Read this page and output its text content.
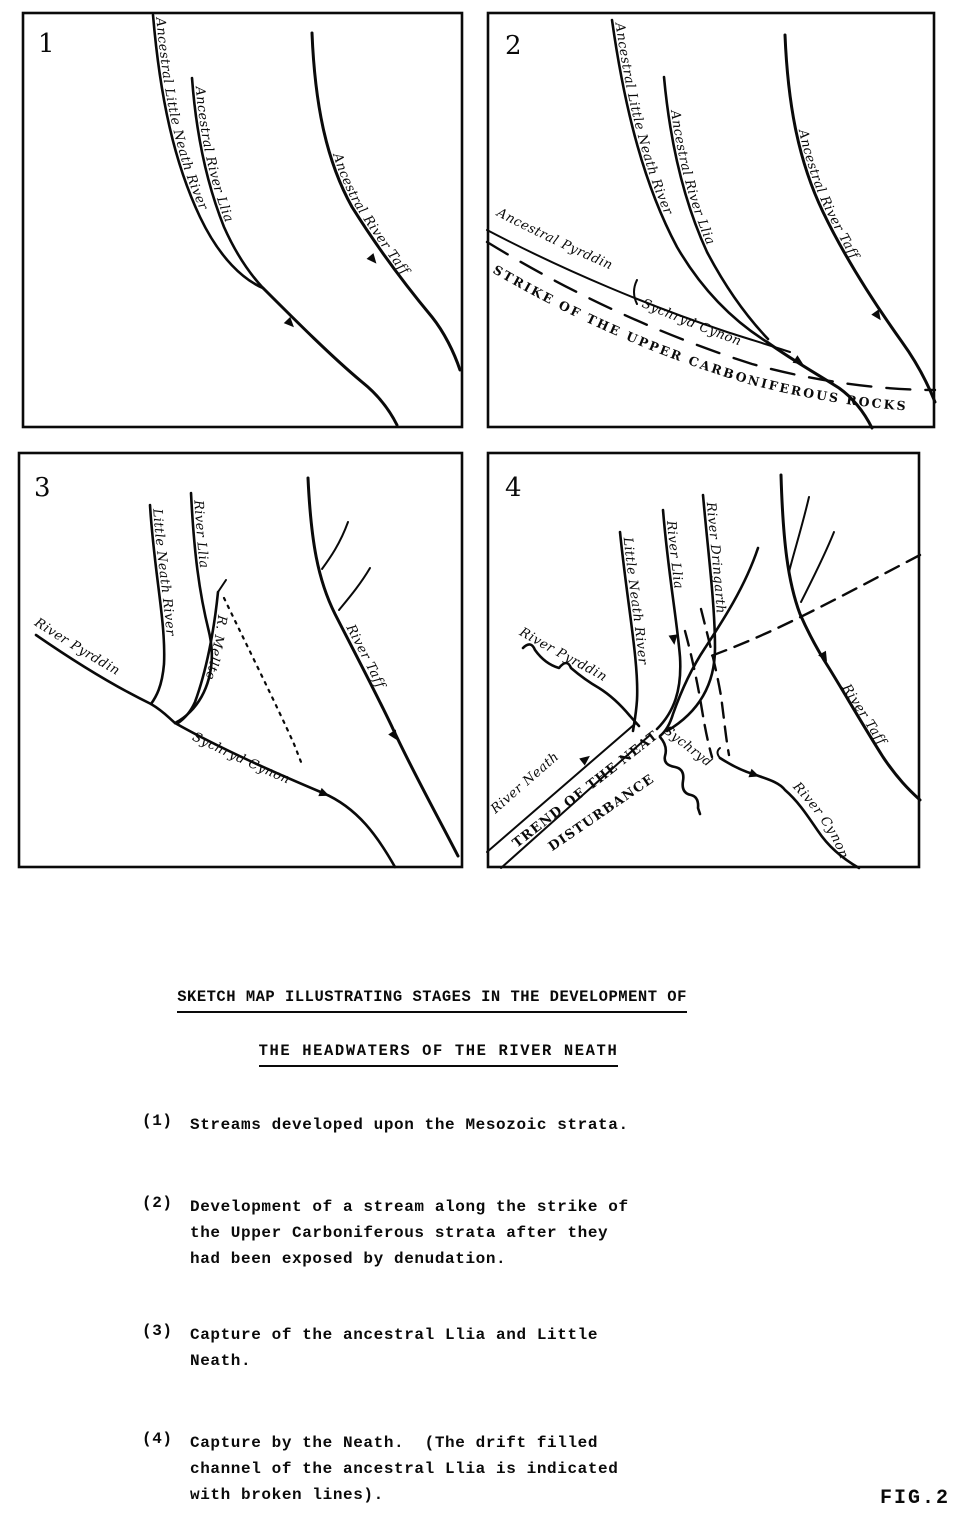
1
Ancestral Little Neath River
Ancestral River Llia
Ancestral River Taff
2
Ancestral Little Neath River
Ancestral River Llia
Ancestral River Taff
Ancestral Pyrddin
Sychryd Cynon
STRIKE OF THE UPPER CARBONIFEROUS ROCKS
3
River Pyrddin
Little Neath River
River Llia
R. Mellte
Sychryd Cynon
River Taff
4
Little Neath River
River Llia
River Dringarth
River Pyrddin
River Neath
TREND OF THE NEATH
DISTURBANCE
Sychryd
River Cynon
River Taff

SKETCH MAP ILLUSTRATING STAGES IN THE DEVELOPMENT OF

THE HEADWATERS OF THE RIVER NEATH

(1) Streams developed upon the Mesozoic strata.
(2) Development of a stream along the strike of
the Upper Carboniferous strata after they
had been exposed by denudation.
(3) Capture of the ancestral Llia and Little
Neath.
(4) Capture by the Neath.  (The drift filled
channel of the ancestral Llia is indicated
with broken lines).	FIG.2
